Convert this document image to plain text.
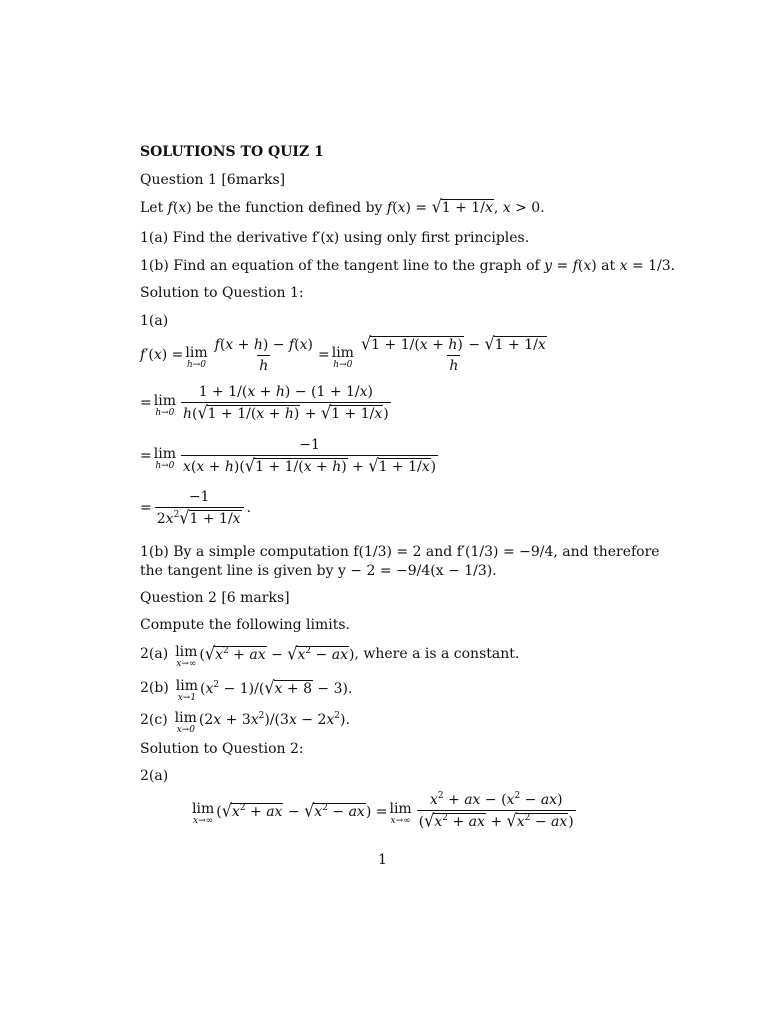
SOLUTIONS TO QUIZ 1
Question 1 [6marks]
Let f(x) be the function defined by f(x) = √ 1 + 1/x , x > 0.
1(a) Find the derivative f′(x) using only first principles.
1(b) Find an equation of the tangent line to the graph of y = f(x) at x = 1/3.
Solution to Question 1:
1(a)
f′(x) = lim
$h\to 0 \frac{f(x + h) - f(x)}{h} = \lim$
$h\to 0 \frac{√ 1 + 1/(x + h) - √ 1 + 1/x}{h}$
= lim
$h\to 0 \frac{1 + 1/(x + h) - (1 + 1/x)}{h( √ 1 + 1/(x + h) + √ 1 + 1/x )}$
= lim
$h\to 0 \frac{-1}{x(x + h)( √ 1 + 1/(x + h) + √ 1 + 1/x )}$
= $\frac{-1}{2x^2 √ 1 + 1/x}$ .
1(b) By a simple computation f(1/3) = 2 and f′(1/3) = −9/4, and therefore
the tangent line is given by y − 2 = −9/4(x − 1/3).
Question 2 [6 marks]
Compute the following limits.
2(a) lim
x→∞
( √ $x^2$ + ax − √ $x^2$ − ax ) , where a is a constant.
2(b) lim
x→1
$(x^2 - 1)/$( √ x + 8 − 3).
2(c) lim
x→0
$(2x + 3x^2)/(3x - 2x^2)$.
Solution to Question 2:
2(a)
lim
x→∞
( √ $x^2$ + ax − √ $x^2$ − ax ) = lim
$x\to\infty \frac{x^2 + ax - (x^2 - ax)}{( √ x^2 + ax + √ x^2 - ax )}$
1
